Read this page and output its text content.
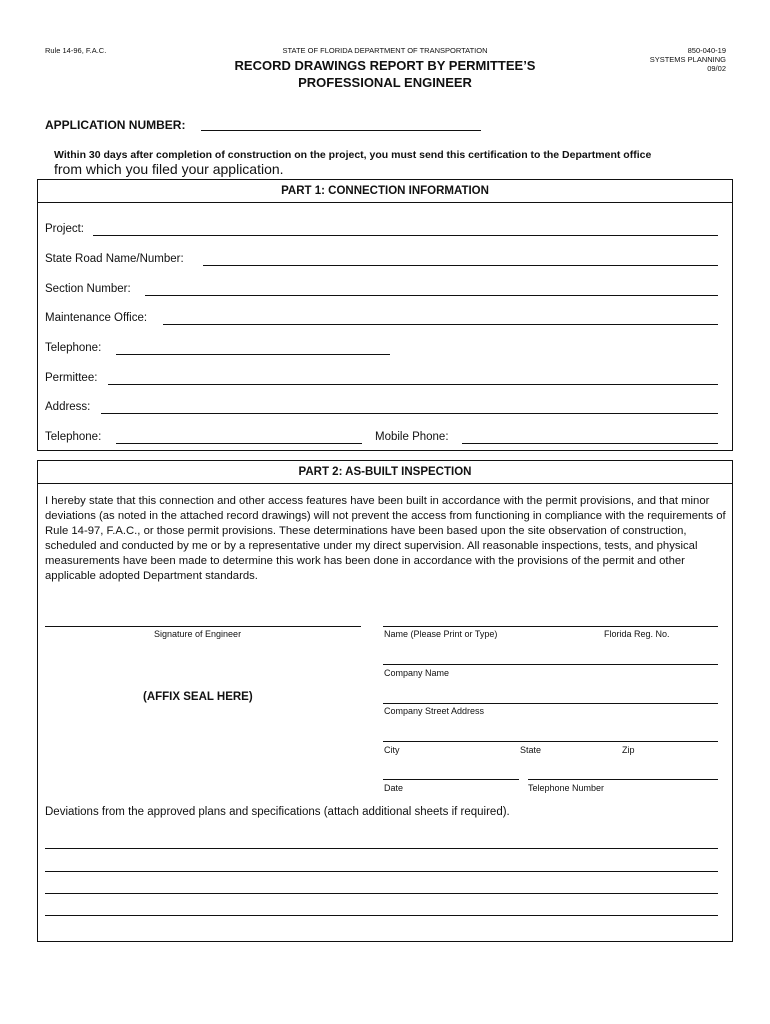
Rule 14-96, F.A.C.	STATE OF FLORIDA DEPARTMENT OF TRANSPORTATION	850-040-19
SYSTEMS PLANNING
09/02
RECORD DRAWINGS REPORT BY PERMITTEE’S
PROFESSIONAL ENGINEER
APPLICATION NUMBER:
Within 30 days after completion of construction on the project, you must send this certification to the Department office
from which you filed your application.
PART 1: CONNECTION INFORMATION
Project:
State Road Name/Number:
Section Number:
Maintenance Office:
Telephone:
Permittee:
Address:
Telephone:	Mobile Phone:
PART 2: AS-BUILT INSPECTION
I hereby state that this connection and other access features have been built in accordance with the permit provisions, and that minor deviations (as noted in the attached record drawings) will not prevent the access from functioning in compliance with the requirements of Rule 14-97, F.A.C., or those permit provisions. These determinations have been based upon the site observation of construction, scheduled and conducted by me or by a representative under my direct supervision. All reasonable inspections, tests, and physical measurements have been made to determine this work has been done in accordance with the provisions of the permit and other applicable adopted Department standards.
Signature of Engineer
(AFFIX SEAL HERE)
Name (Please Print or Type)	Florida Reg. No.
Company Name
Company Street Address
City	State	Zip
Date	Telephone Number
Deviations from the approved plans and specifications (attach additional sheets if required).
